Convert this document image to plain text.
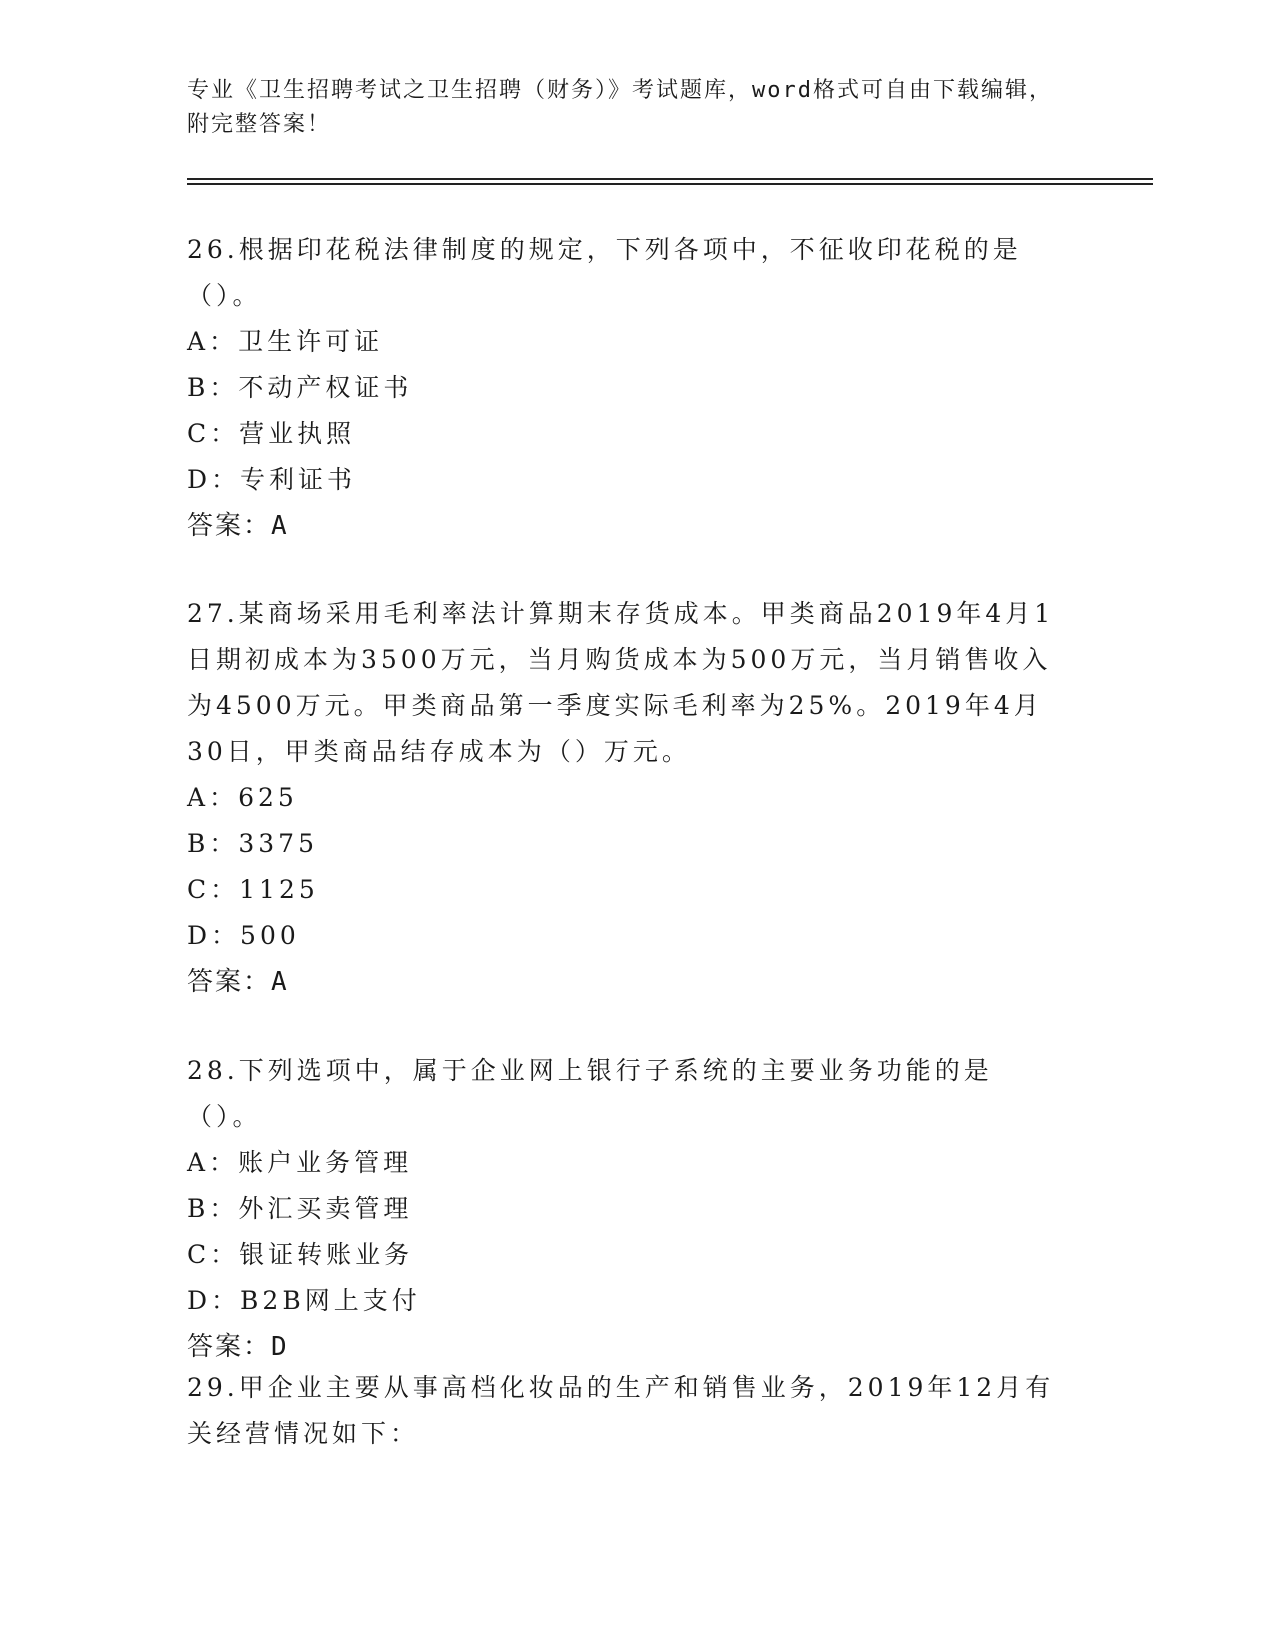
专业《卫生招聘考试之卫生招聘（财务）》考试题库，word格式可自由下载编辑，附完整答案！
26.根据印花税法律制度的规定，下列各项中，不征收印花税的是（）。
A：卫生许可证
B：不动产权证书
C：营业执照
D：专利证书
答案：A
27.某商场采用毛利率法计算期末存货成本。甲类商品2019年4月1日期初成本为3500万元，当月购货成本为500万元，当月销售收入为4500万元。甲类商品第一季度实际毛利率为25%。2019年4月30日，甲类商品结存成本为（）万元。
A：625
B：3375
C：1125
D：500
答案：A
28.下列选项中，属于企业网上银行子系统的主要业务功能的是（）。
A：账户业务管理
B：外汇买卖管理
C：银证转账业务
D：B2B网上支付
答案：D
29.甲企业主要从事高档化妆品的生产和销售业务，2019年12月有关经营情况如下：
